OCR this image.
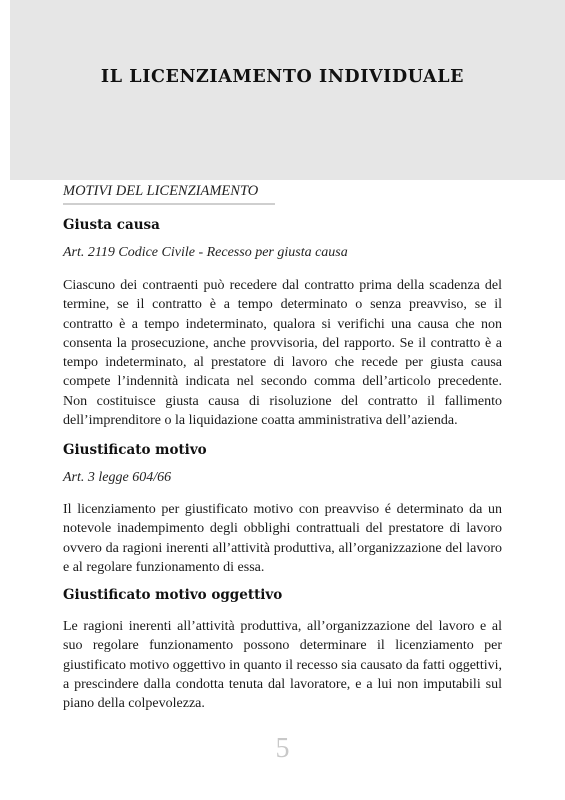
IL LICENZIAMENTO INDIVIDUALE
MOTIVI DEL LICENZIAMENTO
Giusta causa
Art. 2119 Codice Civile - Recesso per giusta causa

Ciascuno dei contraenti può recedere dal contratto prima della scadenza del termine, se il contratto è a tempo determinato o senza preavviso, se il contratto è a tempo indeterminato, qualora si verifichi una causa che non consenta la prosecuzione, anche provvisoria, del rapporto. Se il contratto è a tempo indeterminato, al prestatore di lavoro che recede per giusta causa compete l’indennità indicata nel secondo comma dell’articolo precedente. Non costituisce giusta causa di risoluzione del contratto il fallimento dell’imprenditore o la liquidazione coatta amministrativa dell’azienda.

Giustificato motivo
Art. 3 legge 604/66

Il licenziamento per giustificato motivo con preavviso é determinato da un notevole inadempimento degli obblighi contrattuali del prestatore di lavoro ovvero da ragioni inerenti all’attività produttiva, all’organizzazione del lavoro e al regolare funzionamento di essa.

Giustificato motivo oggettivo

Le ragioni inerenti all’attività produttiva, all’organizzazione del lavoro e al suo regolare funzionamento possono determinare il licenziamento per giustificato motivo oggettivo in quanto il recesso sia causato da fatti oggettivi, a prescindere dalla condotta tenuta dal lavoratore, e a lui non imputabili sul piano della colpevolezza.

5
